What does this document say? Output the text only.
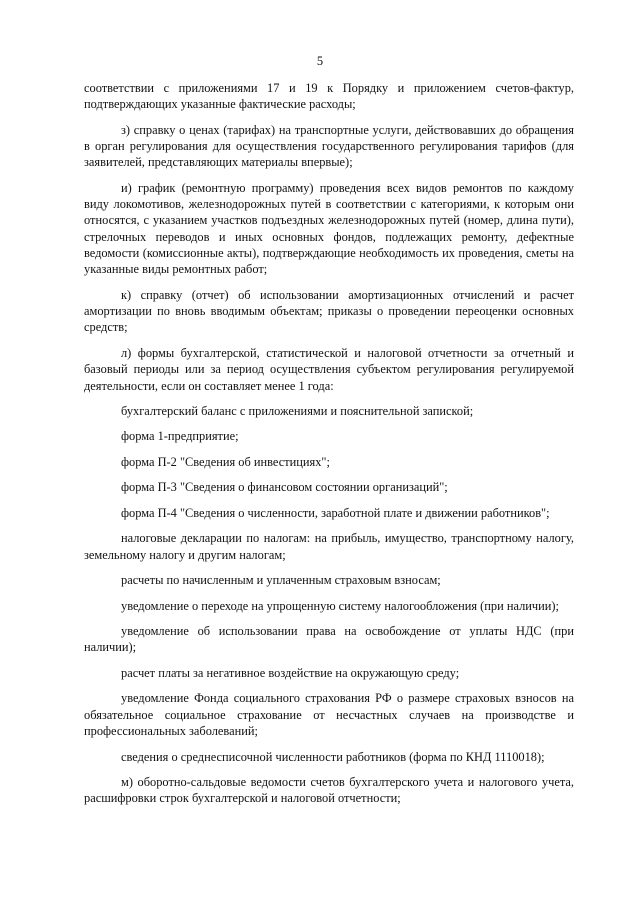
5

соответствии с приложениями 17 и 19 к Порядку и приложением счетов-фактур, подтверждающих указанные фактические расходы;

з) справку о ценах (тарифах) на транспортные услуги, действовавших до обращения в орган регулирования для осуществления государственного регулирования тарифов (для заявителей, представляющих материалы впервые);

и) график (ремонтную программу) проведения всех видов ремонтов по каждому виду локомотивов, железнодорожных путей в соответствии с категориями, к которым они относятся, с указанием участков подъездных железнодорожных путей (номер, длина пути), стрелочных переводов и иных основных фондов, подлежащих ремонту, дефектные ведомости (комиссионные акты), подтверждающие необходимость их проведения, сметы на указанные виды ремонтных работ;

к) справку (отчет) об использовании амортизационных отчислений и расчет амортизации по вновь вводимым объектам; приказы о проведении переоценки основных средств;

л) формы бухгалтерской, статистической и налоговой отчетности за отчетный и базовый периоды или за период осуществления субъектом регулирования регулируемой деятельности, если он составляет менее 1 года:

бухгалтерский баланс с приложениями и пояснительной запиской;

форма 1-предприятие;

форма П-2 "Сведения об инвестициях";

форма П-3 "Сведения о финансовом состоянии организаций";

форма П-4 "Сведения о численности, заработной плате и движении работников";

налоговые декларации по налогам: на прибыль, имущество, транспортному налогу, земельному налогу и другим налогам;

расчеты по начисленным и уплаченным страховым взносам;

уведомление о переходе на упрощенную систему налогообложения (при наличии);

уведомление об использовании права на освобождение от уплаты НДС (при наличии);

расчет платы за негативное воздействие на окружающую среду;

уведомление Фонда социального страхования РФ о размере страховых взносов на обязательное социальное страхование от несчастных случаев на производстве и профессиональных заболеваний;

сведения о среднесписочной численности работников (форма по КНД 1110018);

м) оборотно-сальдовые ведомости счетов бухгалтерского учета и налогового учета, расшифровки строк бухгалтерской и налоговой отчетности;
